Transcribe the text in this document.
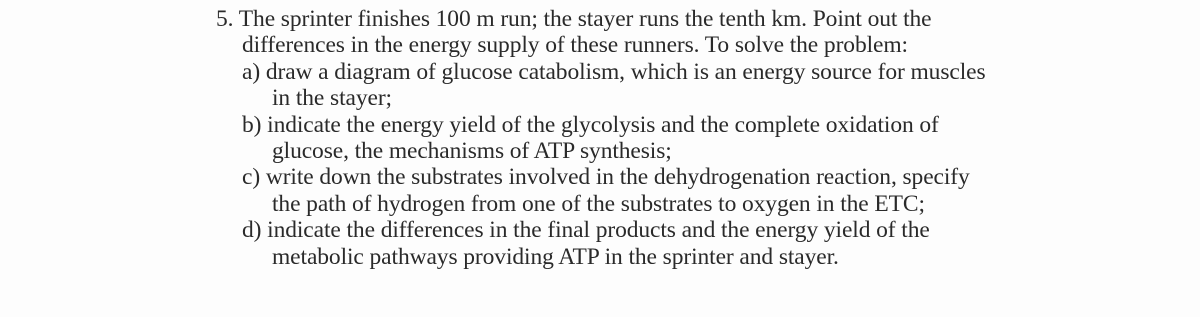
​
5. The sprinter finishes 100 m run; the stayer runs the tenth km. Point out the
differences in the energy supply of these runners. To solve the problem:
a) draw a diagram of glucose catabolism, which is an energy source for muscles
in the stayer;
b) indicate the energy yield of the glycolysis and the complete oxidation of
glucose, the mechanisms of ATP synthesis;
c) write down the substrates involved in the dehydrogenation reaction, specify
the path of hydrogen from one of the substrates to oxygen in the ETC;
d) indicate the differences in the final products and the energy yield of the
metabolic pathways providing ATP in the sprinter and stayer.
